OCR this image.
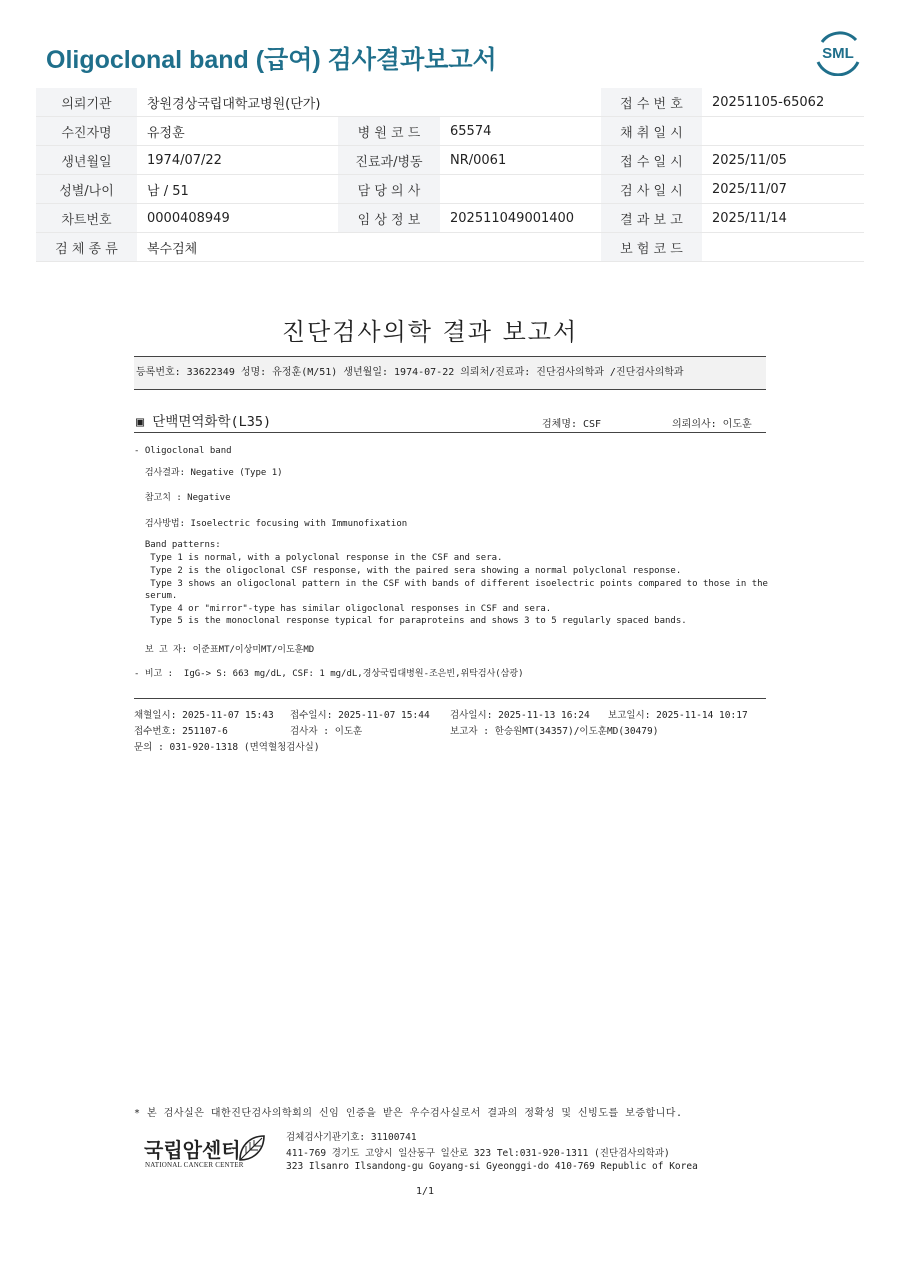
Oligoclonal band (급여) 검사결과보고서	SML
의뢰기관	창원경상국립대학교병원(단가)			접 수 번 호	20251105-65062
수진자명	유정훈	병 원 코 드	65574	채 취 일 시	
생년월일	1974/07/22	진료과/병동	NR/0061	접 수 일 시	2025/11/05
성별/나이	남 / 51	담 당 의 사		검 사 일 시	2025/11/07
차트번호	0000408949	임 상 정 보	202511049001400	결 과 보 고	2025/11/14
검 체 종 류	복수검체			보 험 코 드	
진단검사의학 결과 보고서
등록번호: 33622349 성명: 유정훈(M/51) 생년월일: 1974-07-22 의뢰처/진료과: 진단검사의학과 /진단검사의학과
▣ 단백면역화학(L35)	검체명: CSF	의뢰의사: 이도훈
- Oligoclonal band
검사결과: Negative (Type 1)
참고치 : Negative
검사방법: Isoelectric focusing with Immunofixation
Band patterns:
Type 1 is normal, with a polyclonal response in the CSF and sera.
Type 2 is the oligoclonal CSF response, with the paired sera showing a normal polyclonal response.
Type 3 shows an oligoclonal pattern in the CSF with bands of different isoelectric points compared to those in the
serum.
Type 4 or "mirror"-type has similar oligoclonal responses in CSF and sera.
Type 5 is the monoclonal response typical for paraproteins and shows 3 to 5 regularly spaced bands.
보 고 자: 이준표MT/이상미MT/이도훈MD
- 비고 :  IgG-> S: 663 mg/dL, CSF: 1 mg/dL,경상국립대병원-조은빈,위탁검사(삼광)
채혈일시: 2025-11-07 15:43 접수일시: 2025-11-07 15:44 검사일시: 2025-11-13 16:24 보고일시: 2025-11-14 10:17
접수번호: 251107-6	검사자 : 이도훈	보고자 : 한승원MT(34357)/이도훈MD(30479)
문의 : 031-920-1318 (면역혈청검사실)
* 본 검사실은 대한진단검사의학회의 신임 인증을 받은 우수검사실로서 결과의 정확성 및 신빙도를 보증합니다.
국립암센터
NATIONAL CANCER CENTER
검체검사기관기호: 31100741
411-769 경기도 고양시 일산동구 일산로 323 Tel:031-920-1311 (진단검사의학과)
323 Ilsanro Ilsandong-gu Goyang-si Gyeonggi-do 410-769 Republic of Korea
1/1
